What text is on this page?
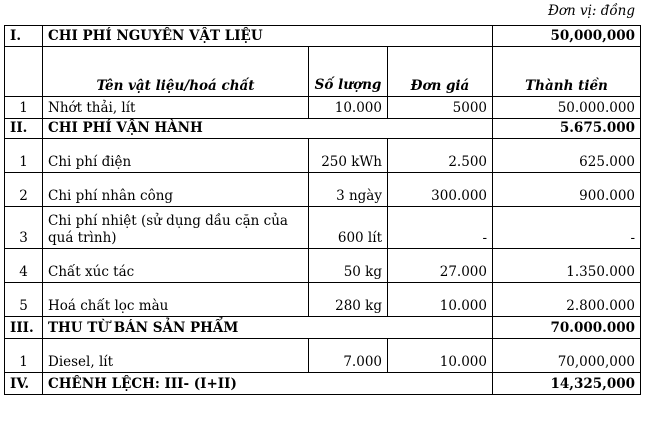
Đơn vị: đồng
I.	CHI PHÍ NGUYÊN VẬT LIỆU			50,000,000
	Tên vật liệu/hoá chất	Số lượng	Đơn giá	Thành tiền
1	Nhớt thải, lít	10.000	5000	50.000.000
II.	CHI PHÍ VẬN HÀNH			5.675.000
1	Chi phí điện	250 kWh	2.500	625.000
2	Chi phí nhân công	3 ngày	300.000	900.000
3	Chi phí nhiệt (sử dụng dầu cặn của quá trình)	600 lít	-	-
4	Chất xúc tác	50 kg	27.000	1.350.000
5	Hoá chất lọc màu	280 kg	10.000	2.800.000
III.	THU TỪ BÁN SẢN PHẨM			70.000.000
1	Diesel, lít	7.000	10.000	70,000,000
IV.	CHÊNH LỆCH: III- (I+II)			14,325,000
